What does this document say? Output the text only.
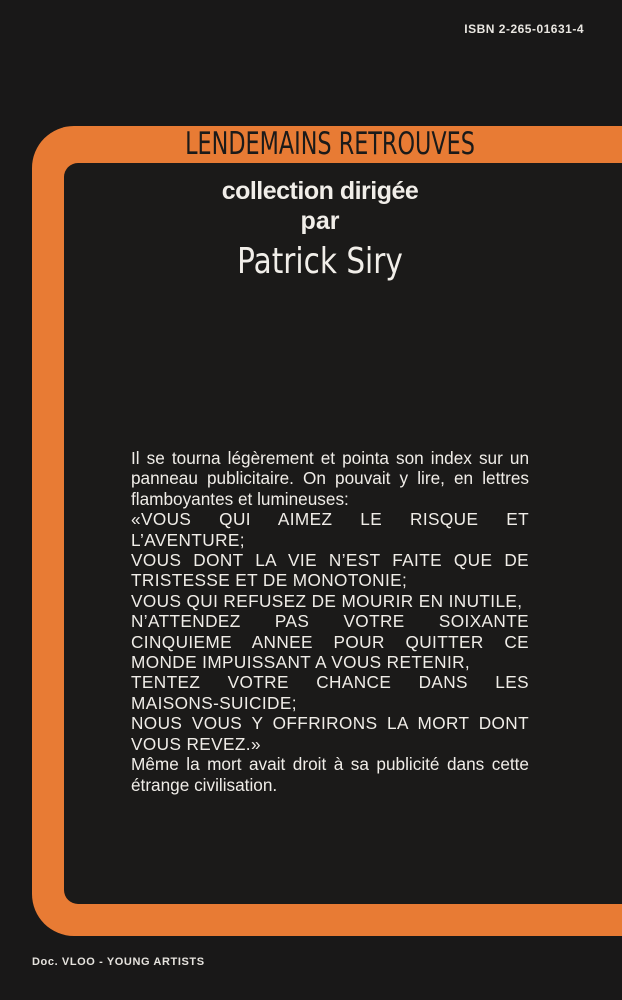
ISBN 2-265-01631-4
LENDEMAINS RETROUVES
collection dirigée
par
Patrick Siry

Il se tourna légèrement et pointa son index sur un panneau publicitaire. On pouvait y lire, en lettres flamboyantes et lumineuses:

«VOUS QUI AIMEZ LE RISQUE ET L’AVENTURE;

VOUS DONT LA VIE N’EST FAITE QUE DE TRISTESSE ET DE MONOTONIE;

VOUS QUI REFUSEZ DE MOURIR EN INUTILE,

N’ATTENDEZ PAS VOTRE SOIXANTE CINQUIEME ANNEE POUR QUITTER CE MONDE IMPUISSANT A VOUS RETENIR,

TENTEZ VOTRE CHANCE DANS LES MAISONS-SUICIDE;

NOUS VOUS Y OFFRIRONS LA MORT DONT VOUS REVEZ.»

Même la mort avait droit à sa publicité dans cette étrange civilisation.

Doc. VLOO - YOUNG ARTISTS
